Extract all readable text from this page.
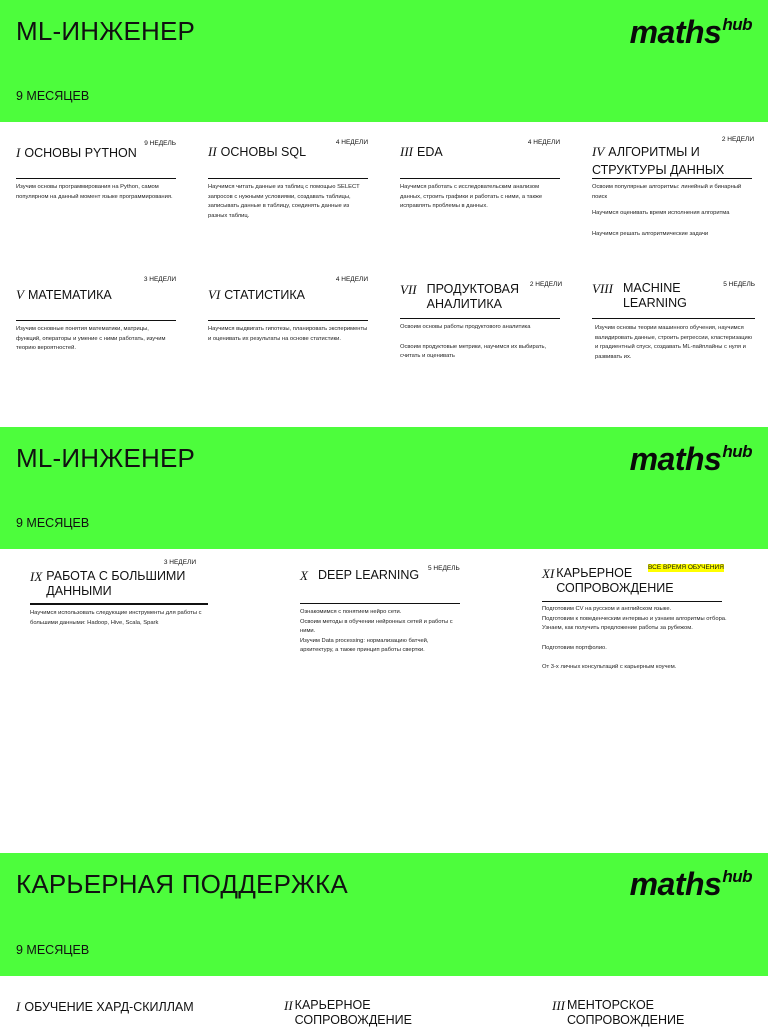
ML-ИНЖЕНЕР	mathshub
9 МЕСЯЦЕВ
I ОСНОВЫ PYTHON
9 НЕДЕЛЬ

Изучим основы программирования на Python, самом популярном на данный момент языке программирования.

II ОСНОВЫ SQL
4 НЕДЕЛИ

Научимся читать данные из таблиц с помощью SELECT запросов с нужными условиями, создавать таблицы, записывать данные в таблицу, соединять данные из разных таблиц.

III EDA
4 НЕДЕЛИ

Научимся работать с исследовательским анализом данных, строить графики и работать с ними, а также исправлять проблемы в данных.

IV АЛГОРИТМЫ И СТРУКТУРЫ ДАННЫХ
2 НЕДЕЛИ

Освоим популярные алгоритмы: линейный и бинарный поиск

Научимся оценивать время исполнения алгоритма

Научимся решать алгоритмические задачи

V МАТЕМАТИКА
3 НЕДЕЛИ

Изучим основные понятия математики, матрицы, функций, операторы и умение с ними работать, изучим теорию вероятностей.

VI СТАТИСТИКА
4 НЕДЕЛИ

Научимся выдвигать гипотезы, планировать эксперименты и оценивать их результаты на основе статистики.

VII ПРОДУКТОВАЯ АНАЛИТИКА
2 НЕДЕЛИ

Освоим основы работы продуктового аналитика

Освоим продуктовые метрики, научимся их выбирать, считать и оценивать

VIII MACHINE LEARNING
5 НЕДЕЛЬ

Изучим основы теории машинного обучения, научимся валидировать данные, строить регрессии, кластеризацию и градиентный спуск, создавать ML-пайплайны с нуля и развивать их.

ML-ИНЖЕНЕР	mathshub
9 МЕСЯЦЕВ
IX РАБОТА С БОЛЬШИМИ ДАННЫМИ
3 НЕДЕЛИ

Научимся использовать следующие инструменты для работы с большими данными: Hadoop, Hive, Scala, Spark

X DEEP LEARNING 5 НЕДЕЛЬ

Ознакомимся с понятием нейро сети.

Освоим методы в обучении нейронных сетей и работы с ними.

Изучим Data processing: нормализацию батчей, архитектуру, а также принцип работы свертки.

XI КАРЬЕРНОЕ СОПРОВОЖДЕНИЕ
ВСЕ ВРЕМЯ ОБУЧЕНИЯ

Подготовим CV на русском и английском языке.

Подготовим к поведенческим интервью и узнаем алгоритмы отбора.

Узнаем, как получить предложение работы за рубежом.

Подготовим портфолио.

От 3-х личных консультаций с карьерным коучем.

КАРЬЕРНАЯ ПОДДЕРЖКА	mathshub
9 МЕСЯЦЕВ
I ОБУЧЕНИЕ ХАРД-СКИЛЛАМ	II КАРЬЕРНОЕ СОПРОВОЖДЕНИЕ
III МЕНТОРСКОЕ СОПРОВОЖДЕНИЕ
